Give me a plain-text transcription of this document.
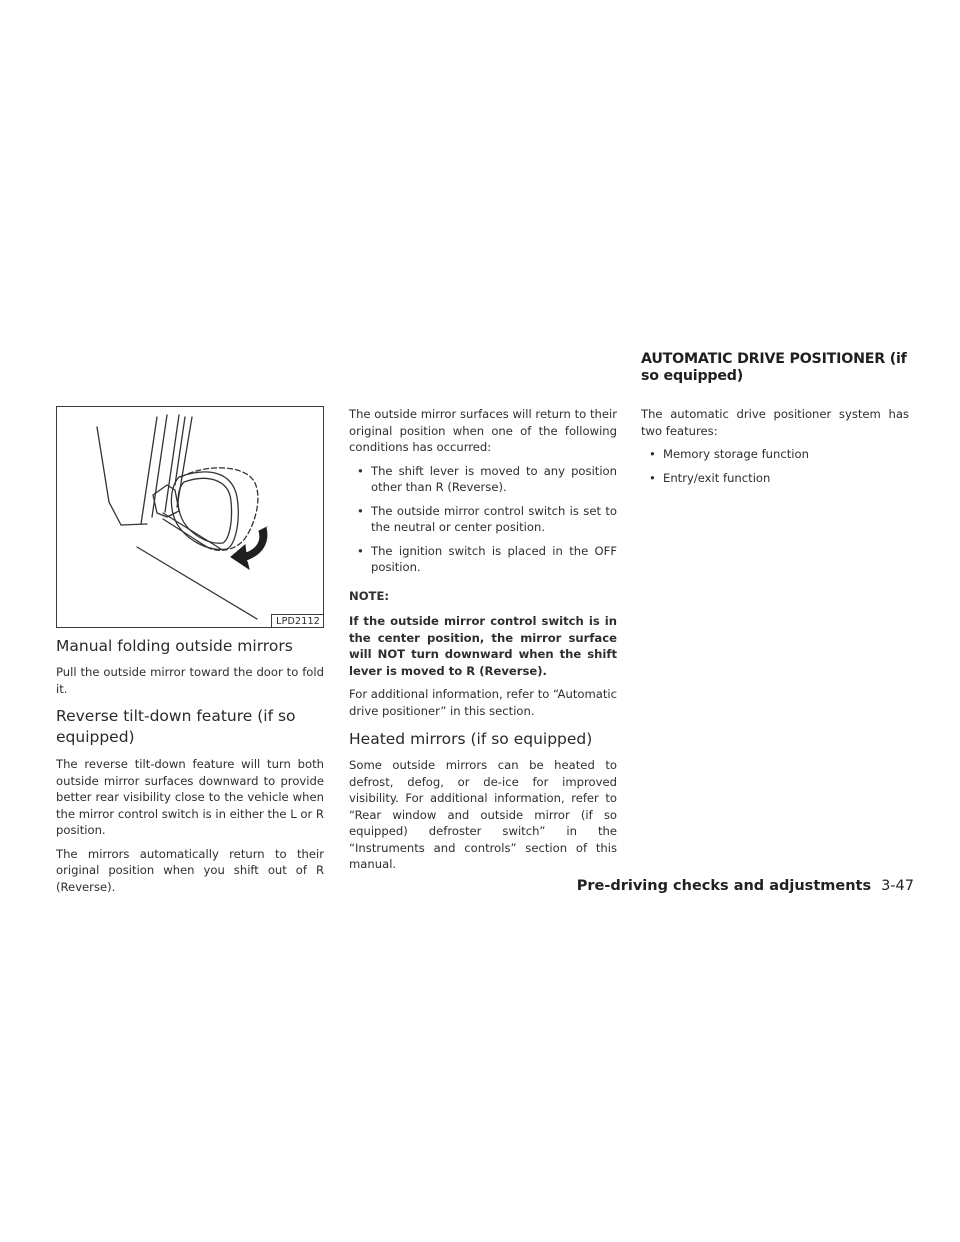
AUTOMATIC DRIVE POSITIONER (if so equipped)
LPD2112
Manual folding outside mirrors

Pull the outside mirror toward the door to fold it.

Reverse tilt-down feature (if so equipped)

The reverse tilt-down feature will turn both outside mirror surfaces downward to provide better rear visibility close to the vehicle when the mirror control switch is in either the L or R position.

The mirrors automatically return to their original position when you shift out of R (Reverse).

The outside mirror surfaces will return to their original position when one of the following conditions has occurred:

• The shift lever is moved to any position other than R (Reverse).
• The outside mirror control switch is set to the neutral or center position.
• The ignition switch is placed in the OFF position.

NOTE:

If the outside mirror control switch is in the center position, the mirror surface will NOT turn downward when the shift lever is moved to R (Reverse).

For additional information, refer to “Automatic drive positioner” in this section.

Heated mirrors (if so equipped)

Some outside mirrors can be heated to defrost, defog, or de-ice for improved visibility. For additional information, refer to “Rear window and outside mirror (if so equipped) defroster switch” in the “Instruments and controls” section of this manual.

The automatic drive positioner system has two features:

• Memory storage function
• Entry/exit function
Pre-driving checks and adjustments 3-47
